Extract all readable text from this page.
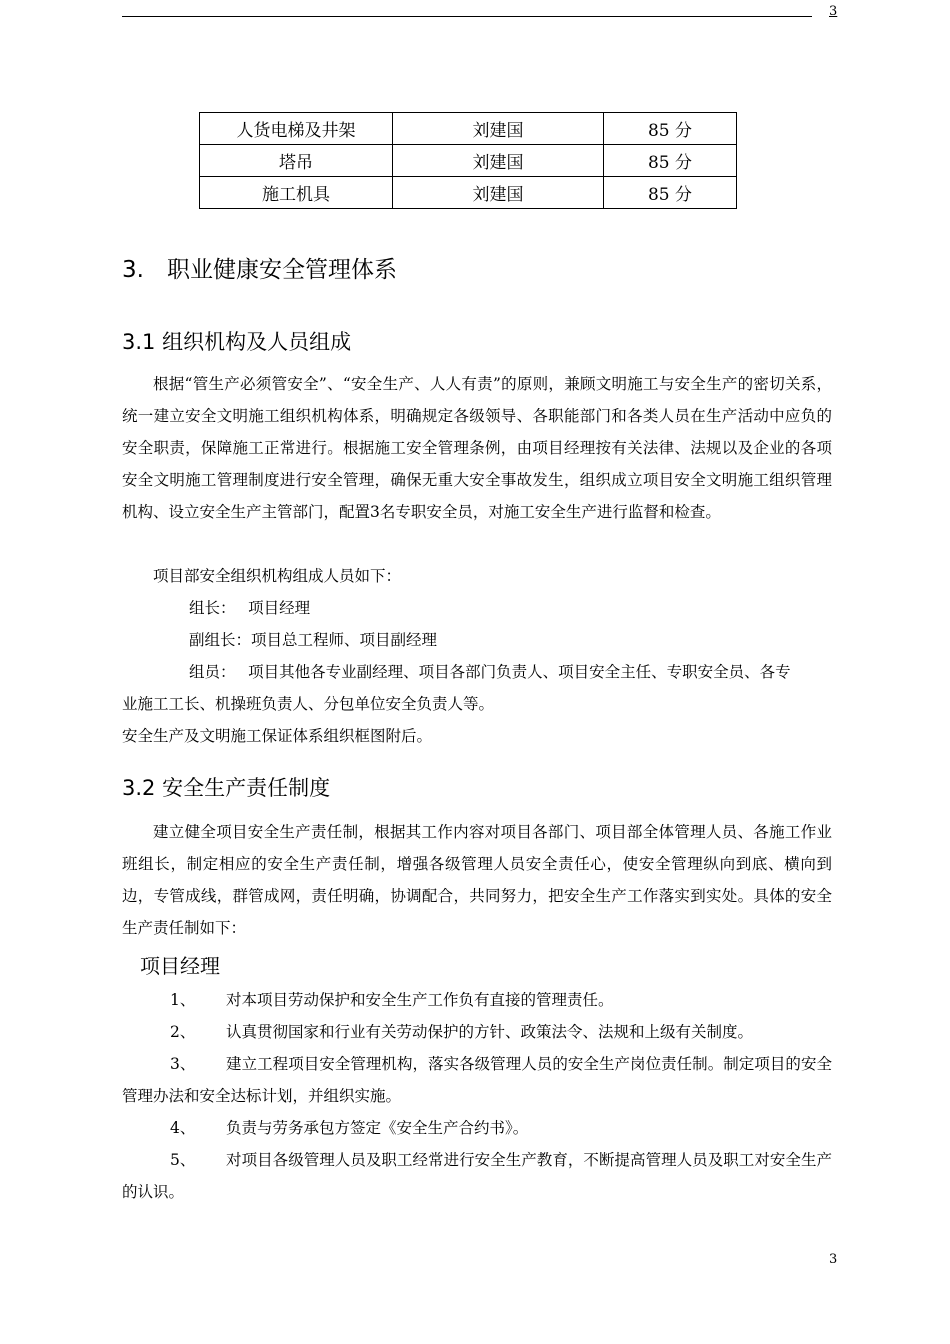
3
人货电梯及井架	刘建国	85 分
塔吊	刘建国	85 分
施工机具	刘建国	85 分
3.　职业健康安全管理体系
3.1 组织机构及人员组成

根据“管生产必须管安全”、“安全生产、人人有责”的原则，兼顾文明施工与安全生产的密切关系，统一建立安全文明施工组织机构体系，明确规定各级领导、各职能部门和各类人员在生产活动中应负的安全职责，保障施工正常进行。根据施工安全管理条例，由项目经理按有关法律、法规以及企业的各项安全文明施工管理制度进行安全管理，确保无重大安全事故发生，组织成立项目安全文明施工组织管理机构、设立安全生产主管部门，配置3名专职安全员，对施工安全生产进行监督和检查。

项目部安全组织机构组成人员如下：

组长：　 项目经理

副组长：项目总工程师、项目副经理

组员：　 项目其他各专业副经理、项目各部门负责人、项目安全主任、专职安全员、各专

业施工工长、机操班负责人、分包单位安全负责人等。

安全生产及文明施工保证体系组织框图附后。

3.2 安全生产责任制度

建立健全项目安全生产责任制，根据其工作内容对项目各部门、项目部全体管理人员、各施工作业班组长，制定相应的安全生产责任制，增强各级管理人员安全责任心，使安全管理纵向到底、横向到边，专管成线，群管成网，责任明确，协调配合，共同努力，把安全生产工作落实到实处。具体的安全生产责任制如下：

项目经理

1、 对本项目劳动保护和安全生产工作负有直接的管理责任。

2、 认真贯彻国家和行业有关劳动保护的方针、政策法令、法规和上级有关制度。

3、 建立工程项目安全管理机构，落实各级管理人员的安全生产岗位责任制。制定项目的安全管理办法和安全达标计划，并组织实施。

4、 负责与劳务承包方签定《安全生产合约书》。

5、 对项目各级管理人员及职工经常进行安全生产教育，不断提高管理人员及职工对安全生产的认识。

3
